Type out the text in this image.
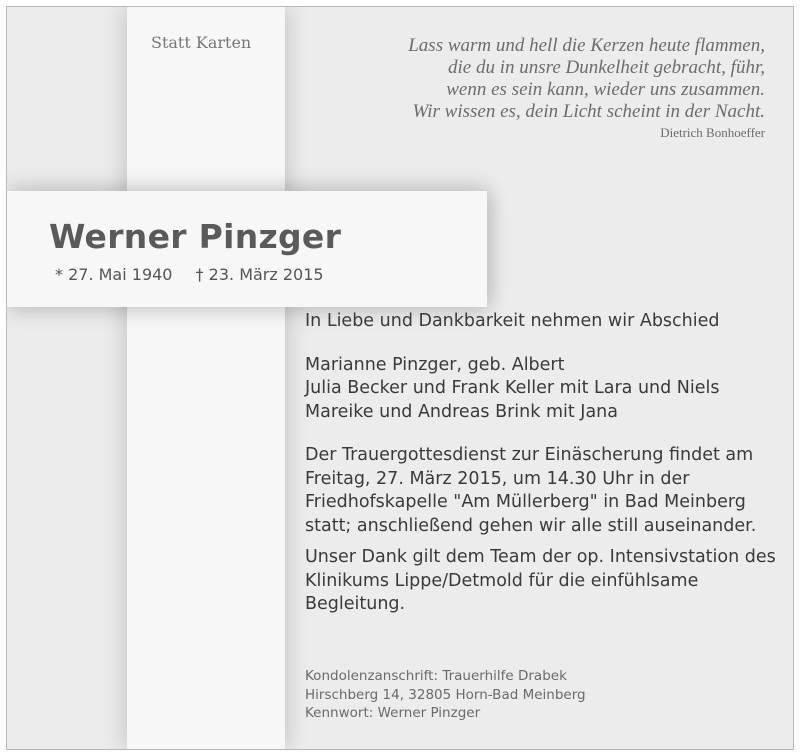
Statt Karten	Lass warm und hell die Kerzen heute flammen,
die du in unsre Dunkelheit gebracht, führ,
wenn es sein kann, wieder uns zusammen.
Wir wissen es, dein Licht scheint in der Nacht.
Dietrich Bonhoeffer
Werner Pinzger
* 27. Mai 1940 † 23. März 2015

In Liebe und Dankbarkeit nehmen wir Abschied

Marianne Pinzger, geb. Albert
Julia Becker und Frank Keller mit Lara und Niels
Mareike und Andreas Brink mit Jana

Der Trauergottesdienst zur Einäscherung findet am Freitag, 27. März 2015, um 14.30 Uhr in der Friedhofskapelle "Am Müllerberg" in Bad Meinberg statt; anschließend gehen wir alle still auseinander.

Unser Dank gilt dem Team der op. Intensivstation des Klinikums Lippe/Detmold für die einfühlsame Begleitung.

Kondolenzanschrift: Trauerhilfe Drabek
Hirschberg 14, 32805 Horn-Bad Meinberg
Kennwort: Werner Pinzger
